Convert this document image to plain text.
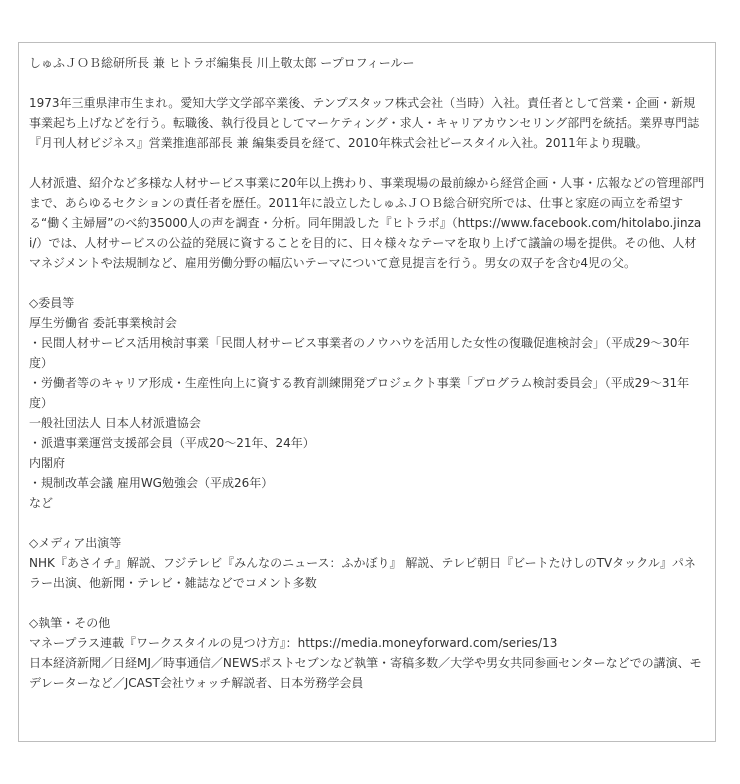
しゅふＪＯＢ総研所長 兼 ヒトラボ編集長 川上敬太郎 ープロフィールー

1973年三重県津市生まれ。愛知大学文学部卒業後、テンプスタッフ株式会社（当時）入社。責任者として営業・企画・新規事業起ち上げなどを行う。転職後、執行役員としてマーケティング・求人・キャリアカウンセリング部門を統括。業界専門誌『月刊人材ビジネス』営業推進部部長 兼 編集委員を経て、2010年株式会社ビースタイル入社。2011年より現職。

人材派遣、紹介など多様な人材サービス事業に20年以上携わり、事業現場の最前線から経営企画・人事・広報などの管理部門まで、あらゆるセクションの責任者を歴任。2011年に設立したしゅふＪＯＢ総合研究所では、仕事と家庭の両立を希望する“働く主婦層”のべ約35000人の声を調査・分析。同年開設した『ヒトラボ』（https://www.facebook.com/hitolabo.jinzai/）では、人材サービスの公益的発展に資することを目的に、日々様々なテーマを取り上げて議論の場を提供。その他、人材マネジメントや法規制など、雇用労働分野の幅広いテーマについて意見提言を行う。男女の双子を含む4児の父。

◇委員等
厚生労働省 委託事業検討会
・民間人材サービス活用検討事業「民間人材サービス事業者のノウハウを活用した女性の復職促進検討会」（平成29～30年度）
・労働者等のキャリア形成・生産性向上に資する教育訓練開発プロジェクト事業「プログラム検討委員会」（平成29～31年度）
一般社団法人 日本人材派遣協会
・派遣事業運営支援部会員（平成20～21年、24年）
内閣府
・規制改革会議 雇用WG勉強会（平成26年）
など

◇メディア出演等
NHK『あさイチ』解説、フジテレビ『みんなのニュース：ふかぼり』 解説、テレビ朝日『ビートたけしのTVタックル』パネラー出演、他新聞・テレビ・雑誌などでコメント多数

◇執筆・その他
マネープラス連載『ワークスタイルの見つけ方』：https://media.moneyforward.com/series/13
日本経済新聞／日経MJ／時事通信／NEWSポストセブンなど執筆・寄稿多数／大学や男女共同参画センターなどでの講演、モデレーターなど／JCAST会社ウォッチ解説者、日本労務学会員
